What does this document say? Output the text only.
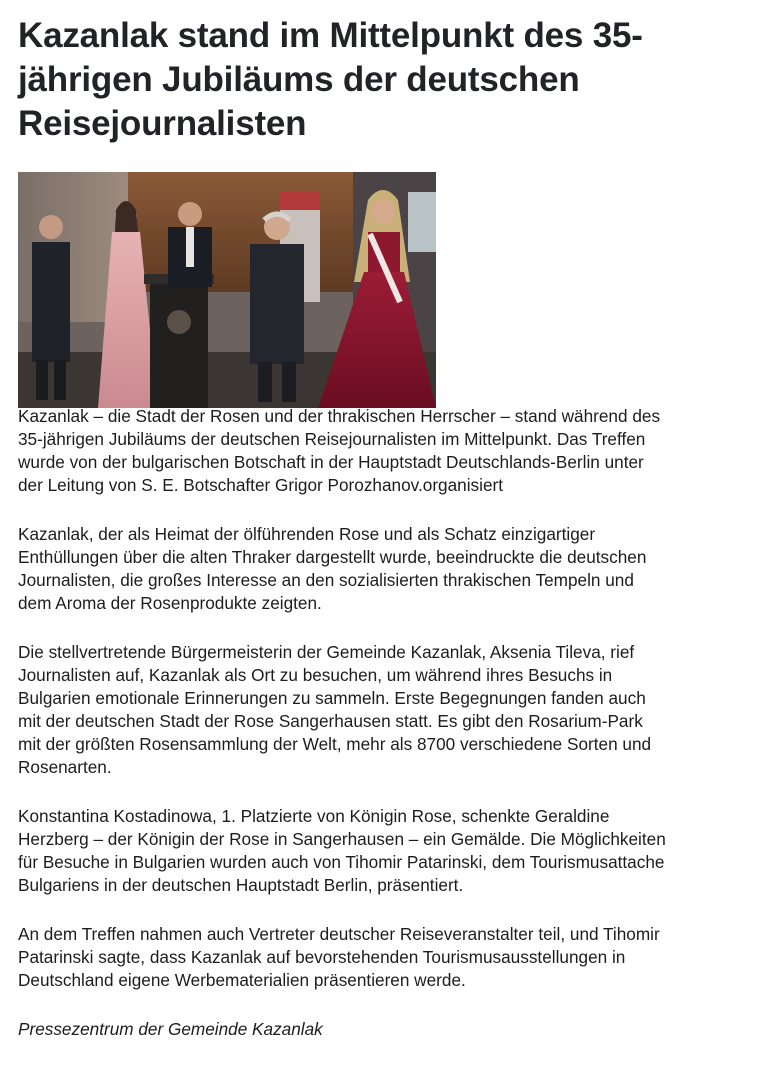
Kazanlak stand im Mittelpunkt des 35-
jährigen Jubiläums der deutschen
Reisejournalisten

Kazanlak – die Stadt der Rosen und der thrakischen Herrscher – stand während des
35-jährigen Jubiläums der deutschen Reisejournalisten im Mittelpunkt. Das Treffen
wurde von der bulgarischen Botschaft in der Hauptstadt Deutschlands-Berlin unter
der Leitung von S. E. Botschafter Grigor Porozhanov.organisiert

Kazanlak, der als Heimat der ölführenden Rose und als Schatz einzigartiger
Enthüllungen über die alten Thraker dargestellt wurde, beeindruckte die deutschen
Journalisten, die großes Interesse an den sozialisierten thrakischen Tempeln und
dem Aroma der Rosenprodukte zeigten.

Die stellvertretende Bürgermeisterin der Gemeinde Kazanlak, Aksenia Tileva, rief
Journalisten auf, Kazanlak als Ort zu besuchen, um während ihres Besuchs in
Bulgarien emotionale Erinnerungen zu sammeln. Erste Begegnungen fanden auch
mit der deutschen Stadt der Rose Sangerhausen statt. Es gibt den Rosarium-Park
mit der größten Rosensammlung der Welt, mehr als 8700 verschiedene Sorten und
Rosenarten.

Konstantina Kostadinowa, 1. Platzierte von Königin Rose, schenkte Geraldine
Herzberg – der Königin der Rose in Sangerhausen – ein Gemälde. Die Möglichkeiten
für Besuche in Bulgarien wurden auch von Tihomir Patarinski, dem Tourismusattache
Bulgariens in der deutschen Hauptstadt Berlin, präsentiert.

An dem Treffen nahmen auch Vertreter deutscher Reiseveranstalter teil, und Tihomir
Patarinski sagte, dass Kazanlak auf bevorstehenden Tourismusausstellungen in
Deutschland eigene Werbematerialien präsentieren werde.

Pressezentrum der Gemeinde Kazanlak
